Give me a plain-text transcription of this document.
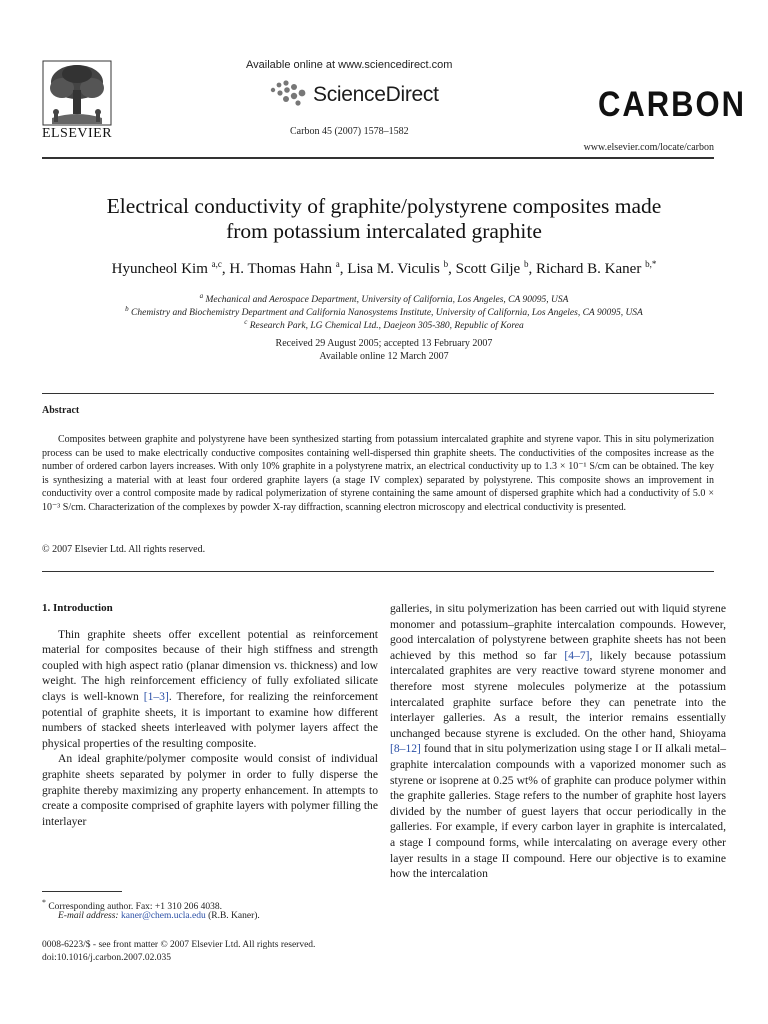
ELSEVIER
Available online at www.sciencedirect.com
ScienceDirect
Carbon 45 (2007) 1578–1582
CARBON
www.elsevier.com/locate/carbon
Electrical conductivity of graphite/polystyrene composites made
from potassium intercalated graphite
Hyuncheol Kim $^{a,c}$, H. Thomas Hahn $^a$, Lisa M. Viculis $^b$, Scott Gilje $^b$, Richard B. Kaner $^{b,*}$
$^a$ Mechanical and Aerospace Department, University of California, Los Angeles, CA 90095, USA
$^b$ Chemistry and Biochemistry Department and California Nanosystems Institute, University of California, Los Angeles, CA 90095, USA
$^c$ Research Park, LG Chemical Ltd., Daejeon 305-380, Republic of Korea
Received 29 August 2005; accepted 13 February 2007
Available online 12 March 2007
Abstract
Composites between graphite and polystyrene have been synthesized starting from potassium intercalated graphite and styrene vapor. This in situ polymerization process can be used to make electrically conductive composites containing well-dispersed thin graphite sheets. The conductivities of the composites increase as the number of ordered carbon layers increases. With only 10% graphite in a polystyrene matrix, an electrical conductivity up to 1.3 × 10⁻¹ S/cm can be obtained. The key is synthesizing a material with at least four ordered graphite layers (a stage IV complex) separated by polystyrene. This composite shows an improvement in conductivity over a control composite made by radical polymerization of styrene containing the same amount of dispersed graphite which had a conductivity of 5.0 × 10⁻³ S/cm. Characterization of the complexes by powder X-ray diffraction, scanning electron microscopy and electrical conductivity is presented.
© 2007 Elsevier Ltd. All rights reserved.

1. Introduction

Thin graphite sheets offer excellent potential as reinforcement material for composites because of their high stiffness and strength coupled with high aspect ratio (planar dimension vs. thickness) and low weight. The high reinforcement efficiency of fully exfoliated silicate clays is well-known [1–3]. Therefore, for realizing the reinforcement potential of graphite sheets, it is important to examine how different numbers of stacked sheets interleaved with polymer layers affect the physical properties of the resulting composite.

An ideal graphite/polymer composite would consist of individual graphite sheets separated by polymer in order to fully disperse the graphite thereby maximizing any property enhancement. In attempts to create a composite comprised of graphite layers with polymer filling the interlayer

galleries, in situ polymerization has been carried out with liquid styrene monomer and potassium–graphite intercalation compounds. However, good intercalation of polystyrene between graphite sheets has not been achieved by this method so far [4–7], likely because potassium intercalated graphites are very reactive toward styrene monomer and therefore most styrene molecules polymerize at the potassium intercalated graphite surface before they can penetrate into the interlayer galleries. As a result, the interior remains essentially unchanged because styrene is excluded. On the other hand, Shioyama [8–12] found that in situ polymerization using stage I or II alkali metal–graphite intercalation compounds with a vaporized monomer such as styrene or isoprene at 0.25 wt% of graphite can produce polymer within the graphite galleries. Stage refers to the number of graphite host layers divided by the number of guest layers that occur periodically in the galleries. For example, if every carbon layer in graphite is intercalated, a stage I compound forms, while intercalating on average every other layer results in a stage II compound. Here our objective is to examine how the intercalation

* Corresponding author. Fax: +1 310 206 4038.
E-mail address: kaner@chem.ucla.edu (R.B. Kaner).
0008-6223/$ - see front matter © 2007 Elsevier Ltd. All rights reserved.
doi:10.1016/j.carbon.2007.02.035
